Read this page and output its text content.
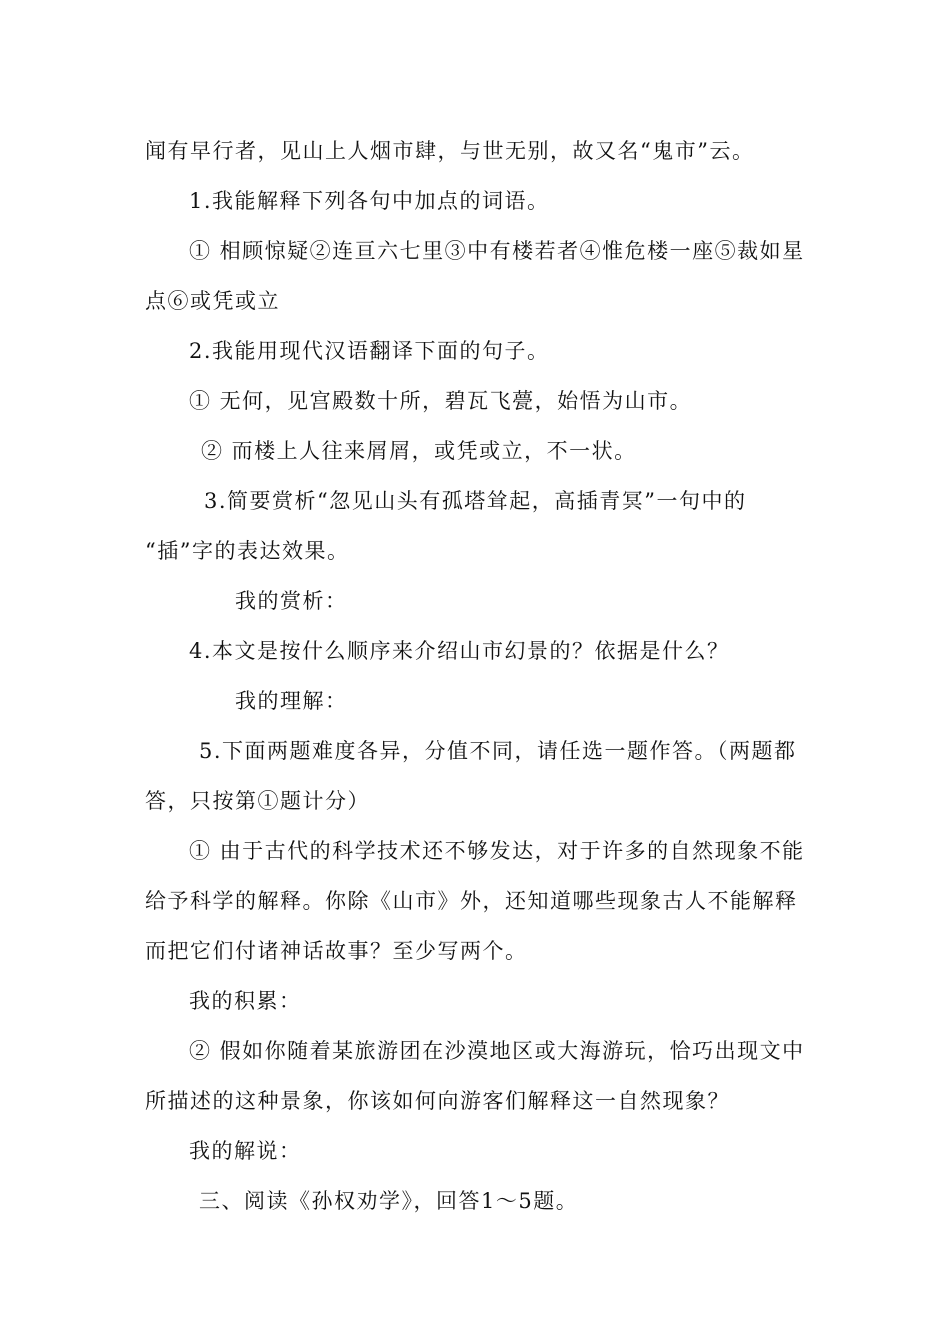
闻有早行者，见山上人烟市肆，与世无别，故又名“鬼市”云。
1.我能解释下列各句中加点的词语。
① 相顾惊疑②连亘六七里③中有楼若者④惟危楼一座⑤裁如星
点⑥或凭或立
2.我能用现代汉语翻译下面的句子。
① 无何，见宫殿数十所，碧瓦飞甍，始悟为山市。
② 而楼上人往来屑屑，或凭或立，不一状。
3.简要赏析“忽见山头有孤塔耸起，高插青冥”一句中的
“插”字的表达效果。
我的赏析：
4.本文是按什么顺序来介绍山市幻景的？依据是什么？
我的理解：
5.下面两题难度各异，分值不同，请任选一题作答。（两题都
答，只按第①题计分）
① 由于古代的科学技术还不够发达，对于许多的自然现象不能
给予科学的解释。你除《山市》外，还知道哪些现象古人不能解释
而把它们付诸神话故事？至少写两个。
我的积累：
② 假如你随着某旅游团在沙漠地区或大海游玩，恰巧出现文中
所描述的这种景象，你该如何向游客们解释这一自然现象？
我的解说：
三、阅读《孙权劝学》，回答1～5题。
